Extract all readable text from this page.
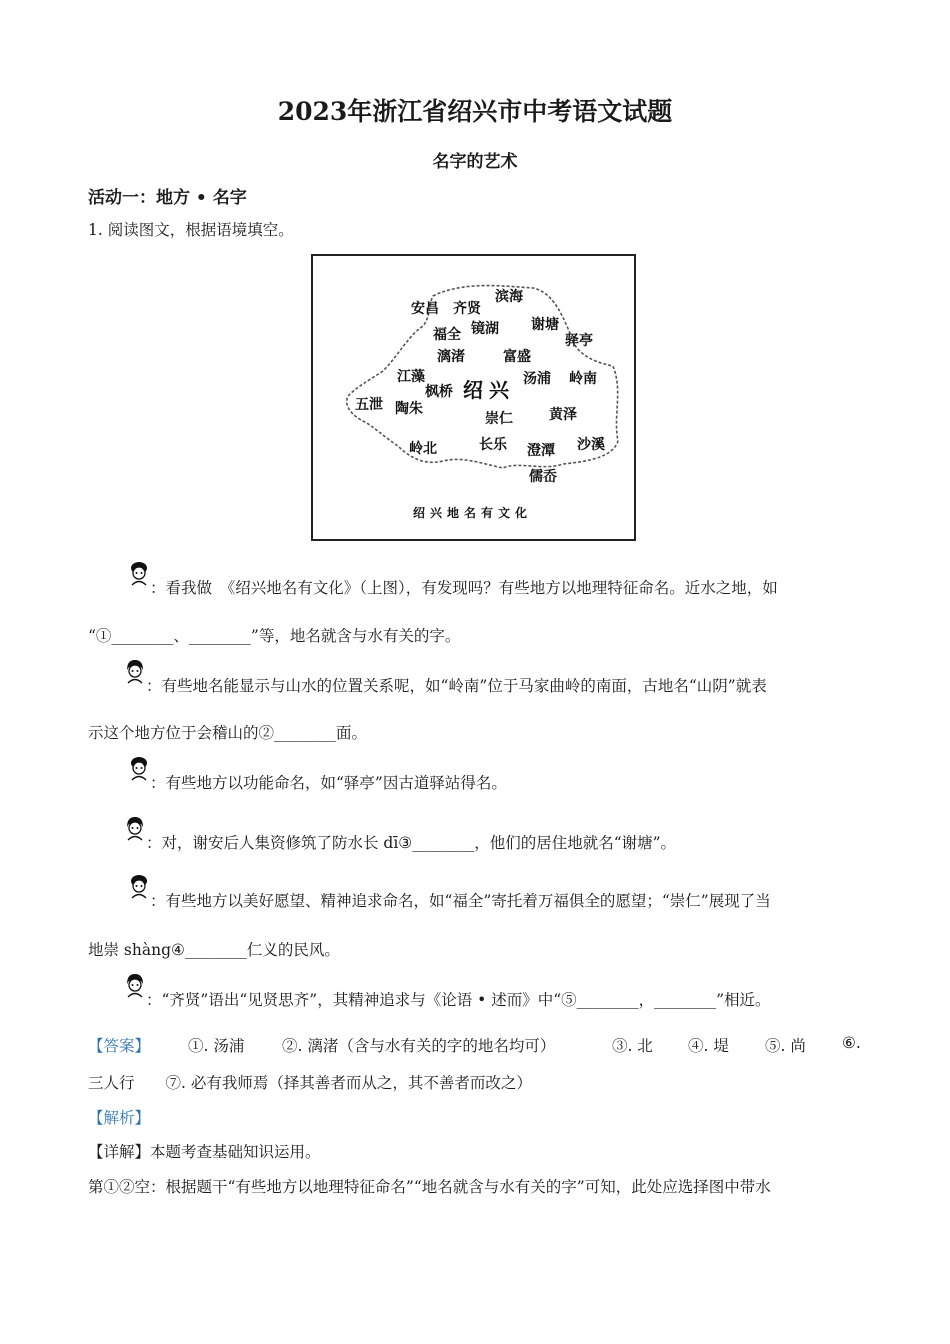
2023年浙江省绍兴市中考语文试题
名字的艺术
活动一：地方 • 名字
1. 阅读图文，根据语境填空。
安昌 齐贤
滨海
福全 镜湖 谢塘
驿亭
漓渚	富盛
江藻
枫桥
汤浦 岭南
五泄 陶朱
崇仁	黄泽
岭北	长乐 澄潭 沙溪
儒岙
绍兴
绍兴地名有文化
：看我做　《绍兴地名有文化》（上图），有发现吗？有些地方以地理特征命名。近水之地，如
“①________、________”等，地名就含与水有关的字。
：有些地名能显示与山水的位置关系呢，如“岭南”位于马家曲岭的南面，古地名“山阴”就表
示这个地方位于会稽山的②________面。
：有些地方以功能命名，如“驿亭”因古道驿站得名。
：对，谢安后人集资修筑了防水长 dī③________，他们的居住地就名“谢塘”。
：有些地方以美好愿望、精神追求命名，如“福全”寄托着万福俱全的愿望；“崇仁”展现了当
地崇 shàng④________仁义的民风。
：“齐贤”语出“见贤思齐”，其精神追求与《论语 • 述而》中“⑤________，________”相近。
【答案】 ①. 汤浦 ②. 漓渚（含与水有关的字的地名均可）	③. 北 ④. 堤 ⑤. 尚 ⑥.
三人行　　⑦. 必有我师焉（择其善者而从之，其不善者而改之）
【解析】
【详解】本题考查基础知识运用。
第①②空：根据题干“有些地方以地理特征命名”“地名就含与水有关的字”可知，此处应选择图中带水
